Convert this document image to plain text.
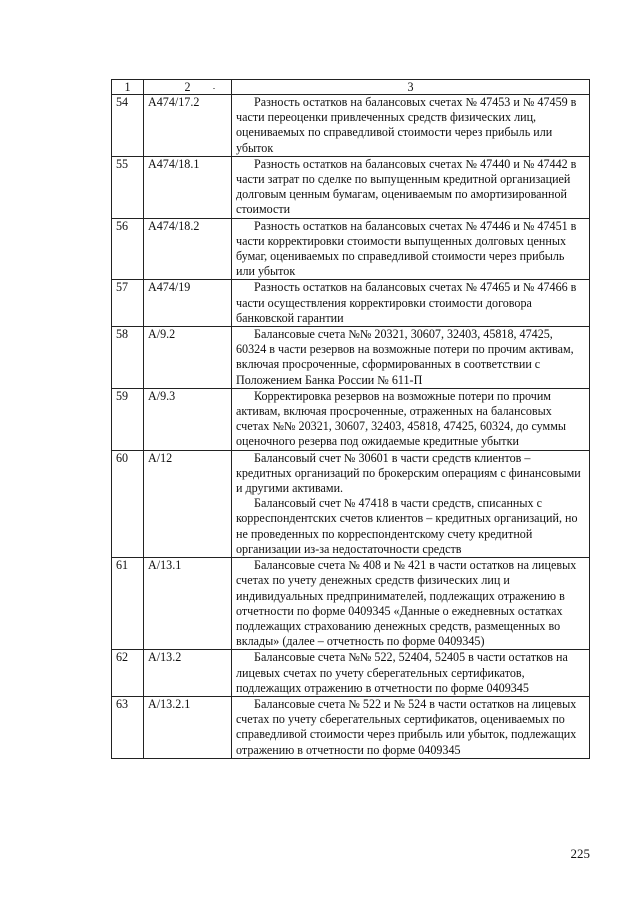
1	2	3
54	А474/17.2	Разность остатков на балансовых счетах № 47453 и № 47459 в части переоценки привлеченных средств физических лиц, оцениваемых по справедливой стоимости через прибыль или убыток

55	А474/18.1	Разность остатков на балансовых счетах № 47440 и № 47442 в части затрат по сделке по выпущенным кредитной организацией долговым ценным бумагам, оцениваемым по амортизированной стоимости

56	А474/18.2	Разность остатков на балансовых счетах № 47446 и № 47451 в части корректировки стоимости выпущенных долговых ценных бумаг, оцениваемых по справедливой стоимости через прибыль или убыток

57	А474/19	Разность остатков на балансовых счетах № 47465 и № 47466 в части осуществления корректировки стоимости договора банковской гарантии

58	А/9.2	Балансовые счета №№ 20321, 30607, 32403, 45818, 47425, 60324 в части резервов на возможные потери по прочим активам, включая просроченные, сформированных в соответствии с Положением Банка России № 611-П

59	А/9.3	Корректировка резервов на возможные потери по прочим активам, включая просроченные, отраженных на балансовых счетах №№ 20321, 30607, 32403, 45818, 47425, 60324, до суммы оценочного резерва под ожидаемые кредитные убытки

60	А/12	Балансовый счет № 30601 в части средств клиентов – кредитных организаций по брокерским операциям с финансовыми и другими активами.

Балансовый счет № 47418 в части средств, списанных с корреспондентских счетов клиентов – кредитных организаций, но не проведенных по корреспондентскому счету кредитной организации из-за недостаточности средств

61	А/13.1	Балансовые счета № 408 и № 421 в части остатков на лицевых счетах по учету денежных средств физических лиц и индивидуальных предпринимателей, подлежащих отражению в отчетности по форме 0409345 «Данные о ежедневных остатках подлежащих страхованию денежных средств, размещенных во вклады» (далее – отчетность по форме 0409345)

62	А/13.2	Балансовые счета №№ 522, 52404, 52405 в части остатков на лицевых счетах по учету сберегательных сертификатов, подлежащих отражению в отчетности по форме 0409345

63	А/13.2.1	Балансовые счета № 522 и № 524 в части остатков на лицевых счетах по учету сберегательных сертификатов, оцениваемых по справедливой стоимости через прибыль или убыток, подлежащих отражению в отчетности по форме 0409345

225
